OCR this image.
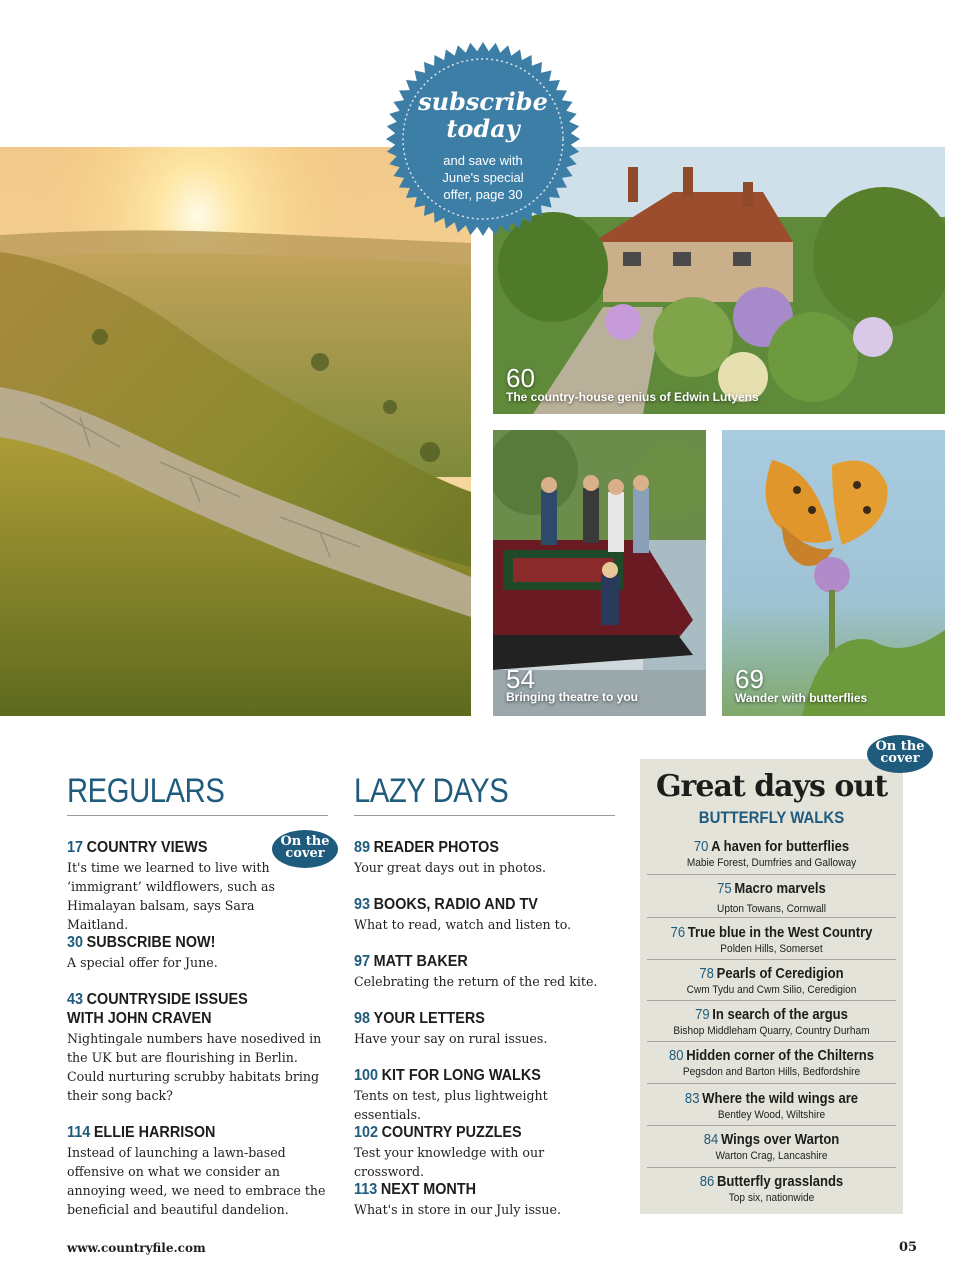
60
The country-house genius of Edwin Lutyens
54
Bringing theatre to you
69
Wander with butterflies
subscribe
today
and save with
June's special
offer, page 30
REGULARS
17 COUNTRY VIEWS
It's time we learned to live with ‘immigrant’ wildflowers, such as Himalayan balsam, says Sara Maitland.
On the
cover
30 SUBSCRIBE NOW!
A special offer for June.
43 COUNTRYSIDE ISSUES
WITH JOHN CRAVEN
Nightingale numbers have nosedived in the UK but are flourishing in Berlin. Could nurturing scrubby habitats bring their song back?
114 ELLIE HARRISON
Instead of launching a lawn-based offensive on what we consider an annoying weed, we need to embrace the beneficial and beautiful dandelion.
LAZY DAYS
89 READER PHOTOS
Your great days out in photos.
93 BOOKS, RADIO AND TV
What to read, watch and listen to.
97 MATT BAKER
Celebrating the return of the red kite.
98 YOUR LETTERS
Have your say on rural issues.
100 KIT FOR LONG WALKS
Tents on test, plus lightweight essentials.
102 COUNTRY PUZZLES
Test your knowledge with our crossword.
113 NEXT MONTH
What's in store in our July issue.
Great days out
BUTTERFLY WALKS
70 A haven for butterflies
Mabie Forest, Dumfries and Galloway
75 Macro marvels
Upton Towans, Cornwall
76 True blue in the West Country
Polden Hills, Somerset
78 Pearls of Ceredigion
Cwm Tydu and Cwm Silio, Ceredigion
79 In search of the argus
Bishop Middleham Quarry, Country Durham
80 Hidden corner of the Chilterns
Pegsdon and Barton Hills, Bedfordshire
83 Where the wild wings are
Bentley Wood, Wiltshire
84 Wings over Warton
Warton Crag, Lancashire
86 Butterfly grasslands
Top six, nationwide
On the
cover
www.countryfile.com	05
